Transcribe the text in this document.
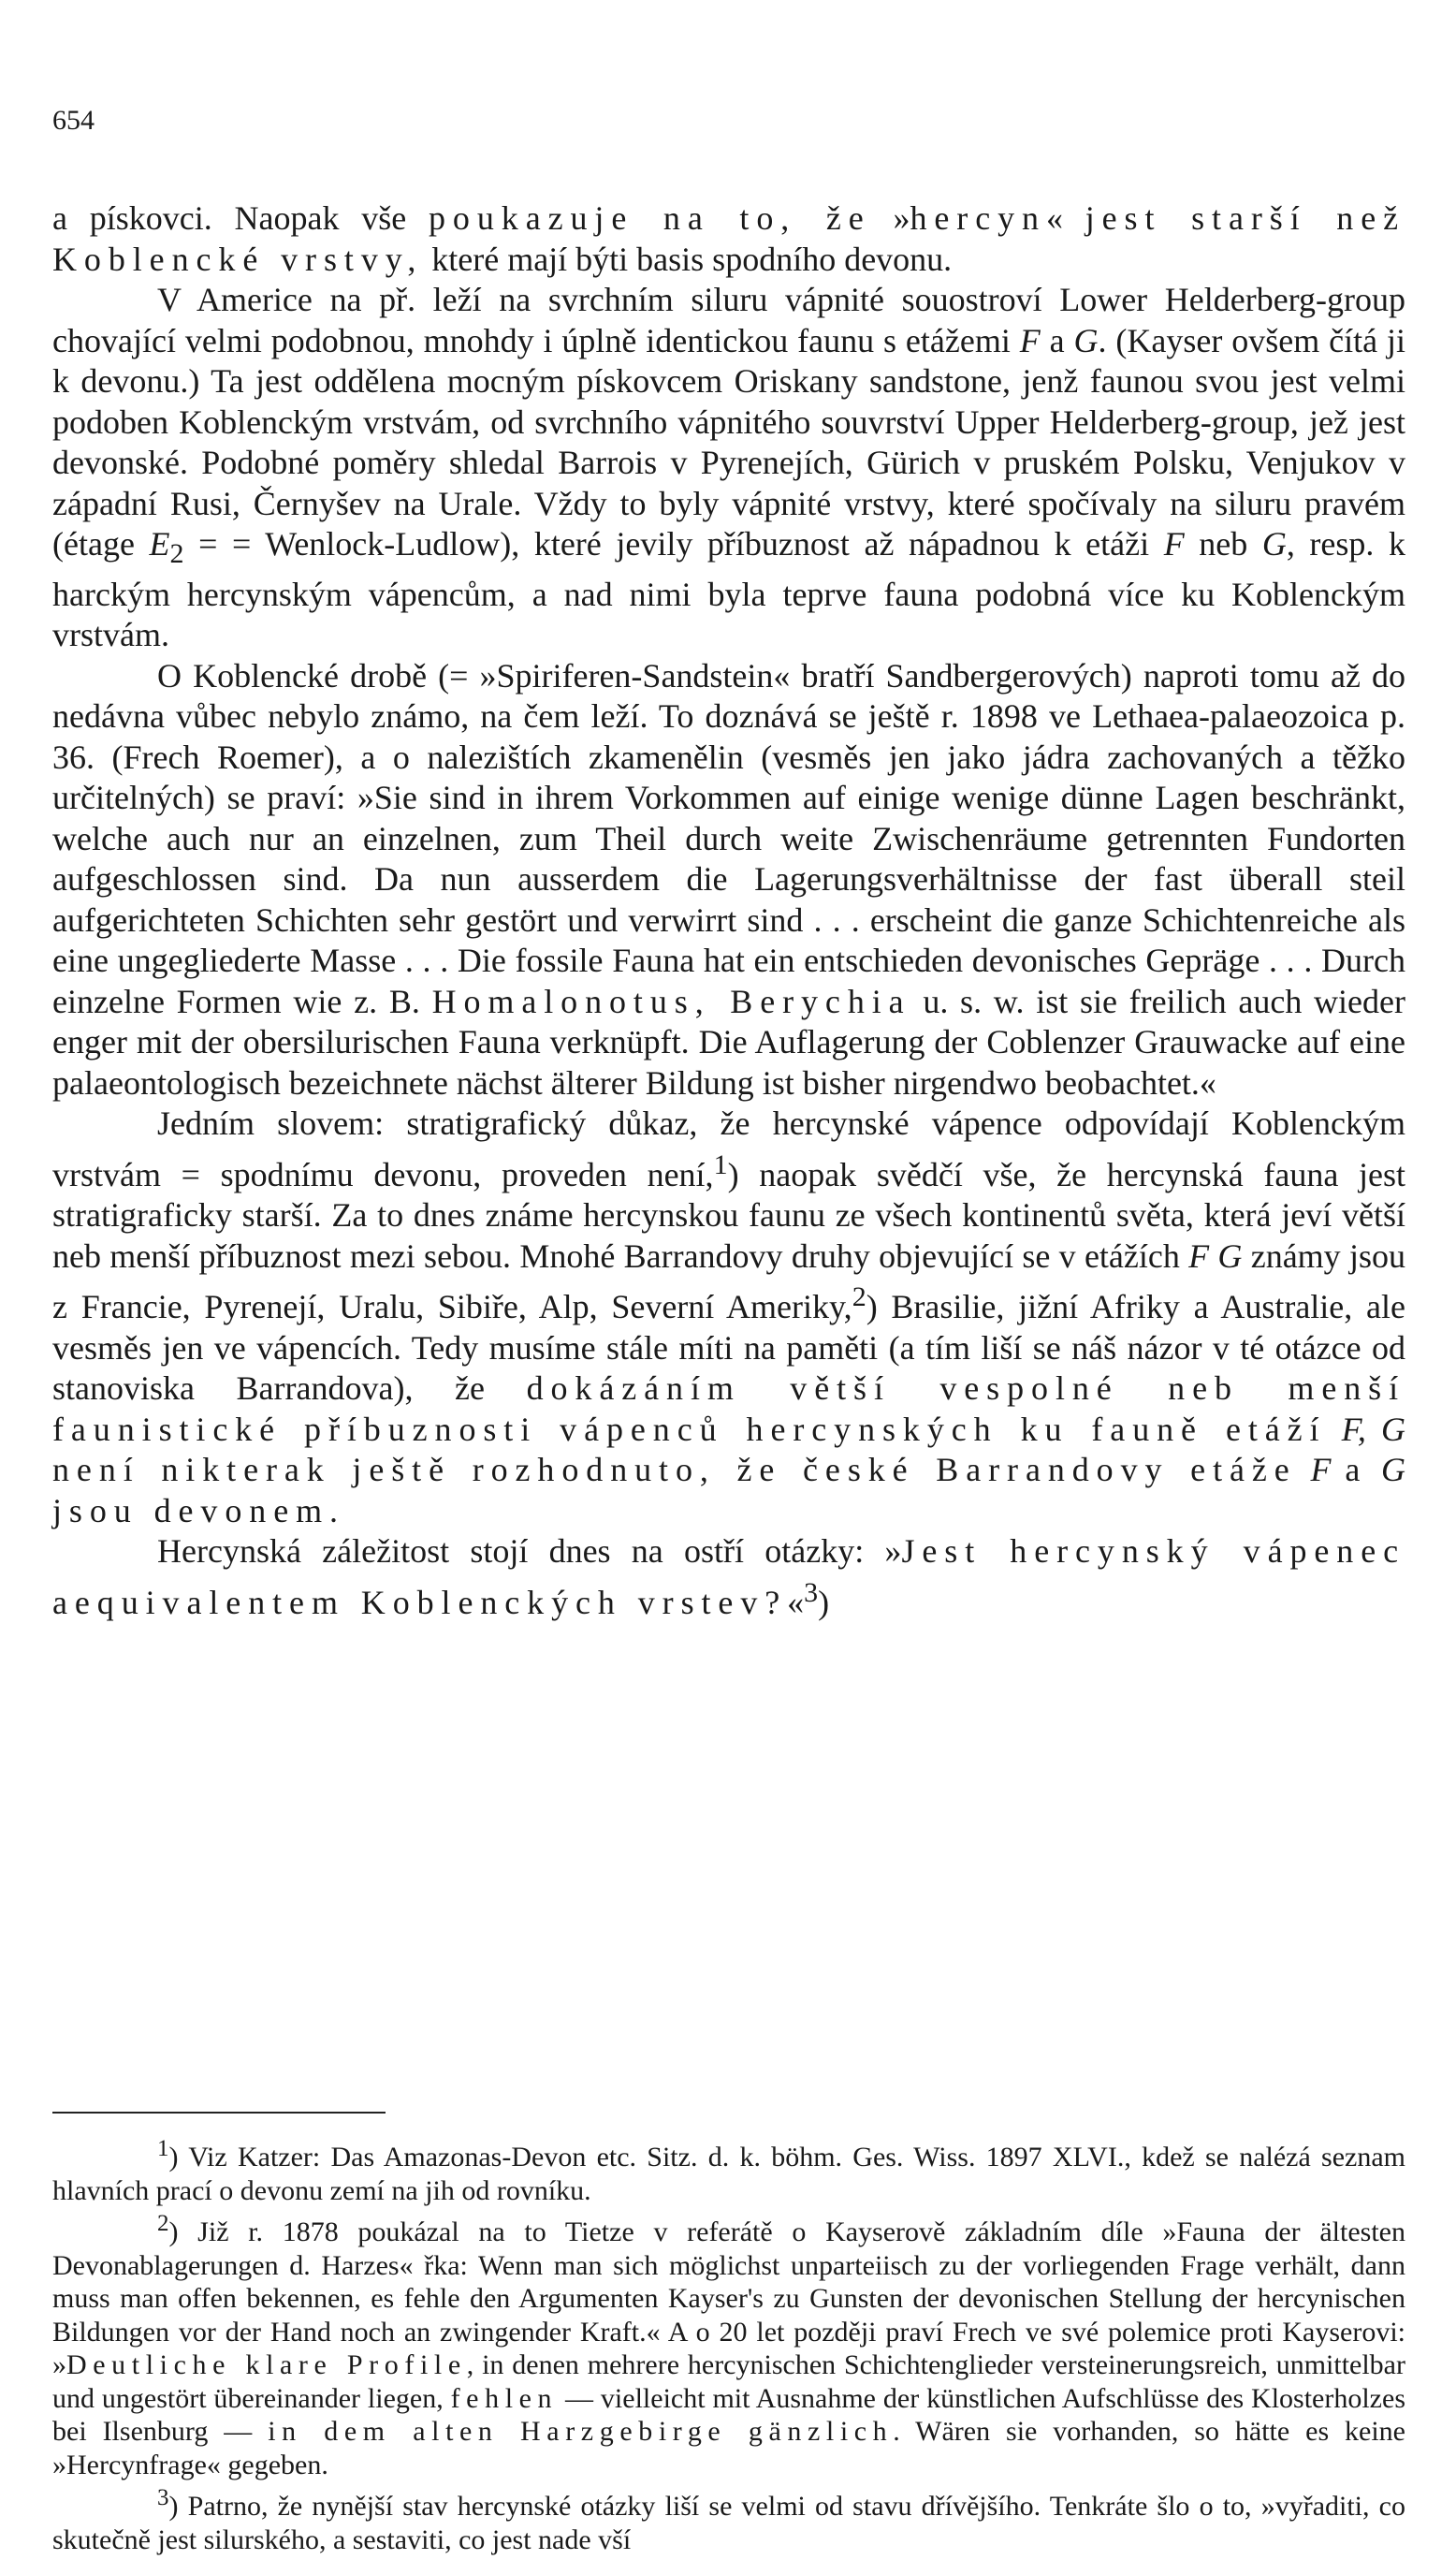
654

a pískovci. Naopak vše poukazuje na to, že »hercyn« jest starší než Koblencké vrstvy, které mají býti basis spodního devonu.

V Americe na př. leží na svrchním siluru vápnité souostroví Lower Helderberg-group chovající velmi podobnou, mnohdy i úplně identickou faunu s etážemi F a G. (Kayser ovšem čítá ji k devonu.) Ta jest oddělena mocným pískovcem Oriskany sandstone, jenž faunou svou jest velmi podoben Koblenckým vrstvám, od svrchního vápnitého souvrství Upper Helderberg-group, jež jest devonské. Podobné poměry shledal Barrois v Pyrenejích, Gürich v pruském Polsku, Venjukov v západní Rusi, Černyšev na Urale. Vždy to byly vápnité vrstvy, které spočívaly na siluru pravém (étage $E_2$ = = Wenlock-Ludlow), které jevily příbuznost až nápadnou k etáži F neb G, resp. k harckým hercynským vápencům, a nad nimi byla teprve fauna podobná více ku Koblenckým vrstvám.

O Koblencké drobě (= »Spiriferen-Sandstein« bratří Sandbergerových) naproti tomu až do nedávna vůbec nebylo známo, na čem leží. To doznává se ještě r. 1898 ve Lethaea-palaeozoica p. 36. (Frech Roemer), a o nalezištích zkamenělin (vesměs jen jako jádra zachovaných a těžko určitelných) se praví: »Sie sind in ihrem Vorkommen auf einige wenige dünne Lagen beschränkt, welche auch nur an einzelnen, zum Theil durch weite Zwischenräume getrennten Fundorten aufgeschlossen sind. Da nun ausserdem die Lagerungsverhältnisse der fast überall steil aufgerichteten Schichten sehr gestört und verwirrt sind . . . erscheint die ganze Schichtenreiche als eine ungegliederte Masse . . . Die fossile Fauna hat ein entschieden devonisches Gepräge . . . Durch einzelne Formen wie z. B. Homalonotus, Berychia u. s. w. ist sie freilich auch wieder enger mit der obersilurischen Fauna verknüpft. Die Auflagerung der Coblenzer Grauwacke auf eine palaeontologisch bezeichnete nächst älterer Bildung ist bisher nirgendwo beobachtet.«

Jedním slovem: stratigrafický důkaz, že hercynské vápence odpovídají Koblenckým vrstvám = spodnímu devonu, proveden není,$^1$) naopak svědčí vše, že hercynská fauna jest stratigraficky starší. Za to dnes známe hercynskou faunu ze všech kontinentů světa, která jeví větší neb menší příbuznost mezi sebou. Mnohé Barrandovy druhy objevující se v etážích F G známy jsou z Francie, Pyrenejí, Uralu, Sibiře, Alp, Severní Ameriky,$^2$) Brasilie, jižní Afriky a Australie, ale vesměs jen ve vápencích. Tedy musíme stále míti na paměti (a tím liší se náš názor v té otázce od stanoviska Barrandova), že dokázáním větší vespolné neb menší faunistické příbuznosti vápenců hercynských ku fauně etáží F, G není nikterak ještě rozhodnuto, že české Barrandovy etáže F a G jsou devonem.

Hercynská záležitost stojí dnes na ostří otázky: »Jest hercynský vápenec aequivalentem Koblenckých vrstev?«$^3$)

$^1$) Viz Katzer: Das Amazonas-Devon etc. Sitz. d. k. böhm. Ges. Wiss. 1897 XLVI., kdež se nalézá seznam hlavních prací o devonu zemí na jih od rovníku.

$^2$) Již r. 1878 poukázal na to Tietze v referátě o Kayserově základním díle »Fauna der ältesten Devonablagerungen d. Harzes« řka: Wenn man sich möglichst unparteiisch zu der vorliegenden Frage verhält, dann muss man offen bekennen, es fehle den Argumenten Kayser's zu Gunsten der devonischen Stellung der hercynischen Bildungen vor der Hand noch an zwingender Kraft.« A o 20 let později praví Frech ve své polemice proti Kayserovi: »Deutliche klare Profile, in denen mehrere hercynischen Schichtenglieder versteinerungsreich, unmittelbar und ungestört übereinander liegen, fehlen — vielleicht mit Ausnahme der künstlichen Aufschlüsse des Klosterholzes bei Ilsenburg — in dem alten Harzgebirge gänzlich. Wären sie vorhanden, so hätte es keine »Hercynfrage« gegeben.

$^3$) Patrno, že nynější stav hercynské otázky liší se velmi od stavu dřívějšího. Tenkráte šlo o to, »vyřaditi, co skutečně jest silurského, a sestaviti, co jest nade vší
